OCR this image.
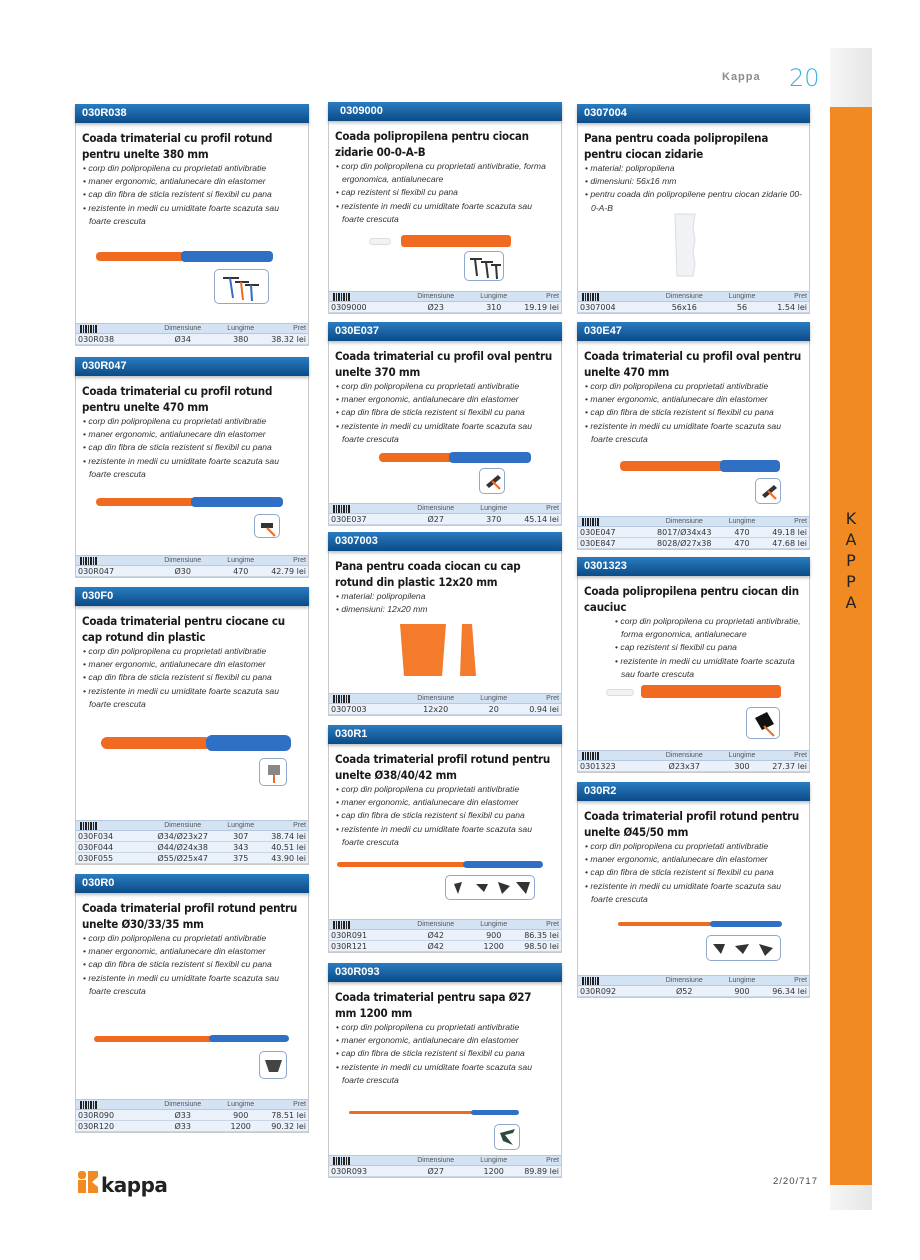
K
A
P
P
A
Kappa 20
030R038
Coada trimaterial cu profil rotund pentru unelte 380 mm
• corp din polipropilena cu proprietati antivibratie
• maner ergonomic, antialunecare din elastomer
• cap din fibra de sticla rezistent si flexibil cu pana
• rezistente in medii cu umiditate foarte scazuta sau foarte crescuta
Dimensiune	Lungime	Pret
030R038	Ø34	380	38.32 lei
030R047
Coada trimaterial cu profil rotund pentru unelte 470 mm
• corp din polipropilena cu proprietati antivibratie
• maner ergonomic, antialunecare din elastomer
• cap din fibra de sticla rezistent si flexibil cu pana
• rezistente in medii cu umiditate foarte scazuta sau foarte crescuta
Dimensiune	Lungime	Pret
030R047	Ø30	470	42.79 lei
030F0
Coada trimaterial pentru ciocane cu cap rotund din plastic
• corp din polipropilena cu proprietati antivibratie
• maner ergonomic, antialunecare din elastomer
• cap din fibra de sticla rezistent si flexibil cu pana
• rezistente in medii cu umiditate foarte scazuta sau foarte crescuta
Dimensiune	Lungime	Pret
030F034	Ø34/Ø23x27	307	38.74 lei
030F044	Ø44/Ø24x38	343	40.51 lei
030F055	Ø55/Ø25x47	375	43.90 lei
030R0
Coada trimaterial profil rotund pentru unelte Ø30/33/35 mm
• corp din polipropilena cu proprietati antivibratie
• maner ergonomic, antialunecare din elastomer
• cap din fibra de sticla rezistent si flexibil cu pana
• rezistente in medii cu umiditate foarte scazuta sau foarte crescuta
Dimensiune	Lungime	Pret
030R090	Ø33	900	78.51 lei
030R120	Ø33	1200	90.32 lei
0309000
Coada polipropilena pentru ciocan zidarie 00-0-A-B
• corp din polipropilena cu proprietati antivibratie, forma ergonomica, antialunecare
• cap rezistent si flexibil cu pana
• rezistente in medii cu umiditate foarte scazuta sau foarte crescuta
Dimensiune	Lungime	Pret
0309000	Ø23	310	19.19 lei
030E037
Coada trimaterial cu profil oval pentru unelte 370 mm
• corp din polipropilena cu proprietati antivibratie
• maner ergonomic, antialunecare din elastomer
• cap din fibra de sticla rezistent si flexibil cu pana
• rezistente in medii cu umiditate foarte scazuta sau foarte crescuta
Dimensiune	Lungime	Pret
030E037	Ø27	370	45.14 lei
0307003
Pana pentru coada ciocan cu cap rotund din plastic 12x20 mm
• material: polipropilena
• dimensiuni: 12x20 mm
Dimensiune	Lungime	Pret
0307003	12x20	20	0.94 lei
030R1
Coada trimaterial profil rotund pentru unelte Ø38/40/42 mm
• corp din polipropilena cu proprietati antivibratie
• maner ergonomic, antialunecare din elastomer
• cap din fibra de sticla rezistent si flexibil cu pana
• rezistente in medii cu umiditate foarte scazuta sau foarte crescuta
Dimensiune	Lungime	Pret
030R091	Ø42	900	86.35 lei
030R121	Ø42	1200	98.50 lei
030R093
Coada trimaterial pentru sapa Ø27 mm 1200 mm
• corp din polipropilena cu proprietati antivibratie
• maner ergonomic, antialunecare din elastomer
• cap din fibra de sticla rezistent si flexibil cu pana
• rezistente in medii cu umiditate foarte scazuta sau foarte crescuta
Dimensiune	Lungime	Pret
030R093	Ø27	1200	89.89 lei
0307004
Pana pentru coada polipropilena pentru ciocan zidarie
• material: polipropilena
• dimensiuni: 56x16 mm
• pentru coada din polipropilene pentru ciocan zidarie 00-0-A-B
Dimensiune	Lungime	Pret
0307004	56x16	56	1.54 lei
030E47
Coada trimaterial cu profil oval pentru unelte 470 mm
• corp din polipropilena cu proprietati antivibratie
• maner ergonomic, antialunecare din elastomer
• cap din fibra de sticla rezistent si flexibil cu pana
• rezistente in medii cu umiditate foarte scazuta sau foarte crescuta
Dimensiune	Lungime	Pret
030E047	8017/Ø34x43	470	49.18 lei
030E847	8028/Ø27x38	470	47.68 lei
0301323
Coada polipropilena pentru ciocan din cauciuc
• corp din polipropilena cu proprietati antivibratie, forma ergonomica, antialunecare
• cap rezistent si flexibil cu pana
• rezistente in medii cu umiditate foarte scazuta sau foarte crescuta
Dimensiune	Lungime	Pret
0301323	Ø23x37	300	27.37 lei
030R2
Coada trimaterial profil rotund pentru unelte Ø45/50 mm
• corp din polipropilena cu proprietati antivibratie
• maner ergonomic, antialunecare din elastomer
• cap din fibra de sticla rezistent si flexibil cu pana
• rezistente in medii cu umiditate foarte scazuta sau foarte crescuta
Dimensiune	Lungime	Pret
030R092	Ø52	900	96.34 lei
kappa	2/20/717
